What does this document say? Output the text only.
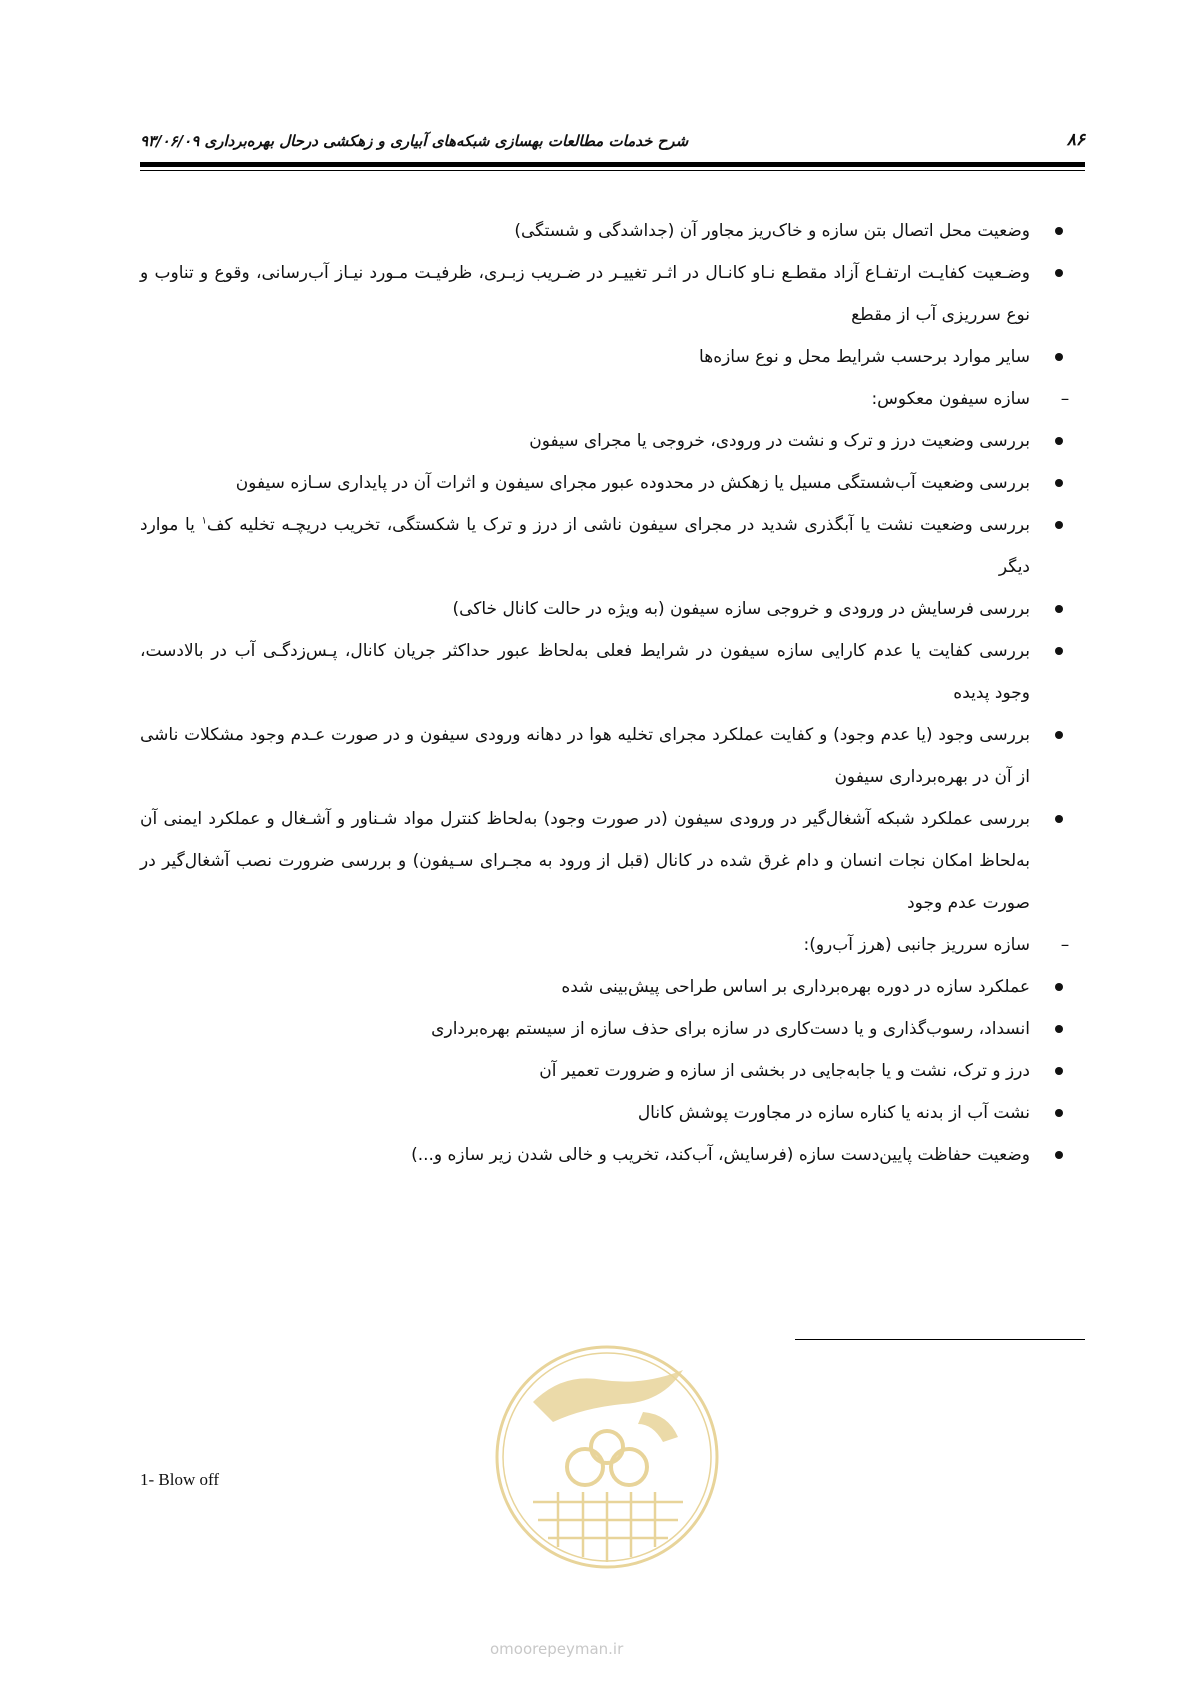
۸۶
شرح خدمات مطالعات بهسازی شبکه‌های آبیاری و زهکشی درحال بهره‌برداری ۹۳/۰۶/۰۹
وضعیت محل اتصال بتن سازه و خاک‌ریز مجاور آن (جداشدگی و شستگی)
وضـعیت کفایـت ارتفـاع آزاد مقطـع نـاو کانـال در اثـر تغییـر در ضـریب زبـری، ظرفیـت مـورد نیـاز آب‌رسانی، وقوع و تناوب و نوع سرریزی آب از مقطع
سایر موارد برحسب شرایط محل و نوع سازه‌ها
–
سازه سیفون معکوس:
بررسی وضعیت درز و ترک و نشت در ورودی، خروجی یا مجرای سیفون
بررسی وضعیت آب‌شستگی مسیل یا زهکش در محدوده عبور مجرای سیفون و اثرات آن در پایداری سـازه سیفون
بررسی وضعیت نشت یا آبگذری شدید در مجرای سیفون ناشی از درز و ترک یا شکستگی، تخریب دریچـه تخلیه کف$^۱$ یا موارد دیگر
بررسی فرسایش در ورودی و خروجی سازه سیفون (به ویژه در حالت کانال خاکی)
بررسی کفایت یا عدم کارایی سازه سیفون در شرایط فعلی به‌لحاظ عبور حداکثر جریان کانال، پـس‌زدگـی آب در بالادست، وجود پدیده
بررسی وجود (یا عدم وجود) و کفایت عملکرد مجرای تخلیه هوا در دهانه ورودی سیفون و در صورت عـدم وجود مشکلات ناشی از آن در بهره‌برداری سیفون
بررسی عملکرد شبکه آشغال‌گیر در ورودی سیفون (در صورت وجود) به‌لحاظ کنترل مواد شـناور و آشـغال و عملکرد ایمنی آن به‌لحاظ امکان نجات انسان و دام غرق شده در کانال (قبل از ورود به مجـرای سـیفون) و بررسی ضرورت نصب آشغال‌گیر در صورت عدم وجود
–
سازه سرریز جانبی (هرز آب‌رو):
عملکرد سازه در دوره بهره‌برداری بر اساس طراحی پیش‌بینی شده
انسداد، رسوب‌گذاری و یا دست‌کاری در سازه برای حذف سازه از سیستم بهره‌برداری
درز و ترک، نشت و یا جابه‌جایی در بخشی از سازه و ضرورت تعمیر آن
نشت آب از بدنه یا کناره سازه در مجاورت پوشش کانال
وضعیت حفاظت پایین‌دست سازه (فرسایش، آب‌کند، تخریب و خالی شدن زیر سازه و...)
1- Blow off
omoorepeyman.ir
